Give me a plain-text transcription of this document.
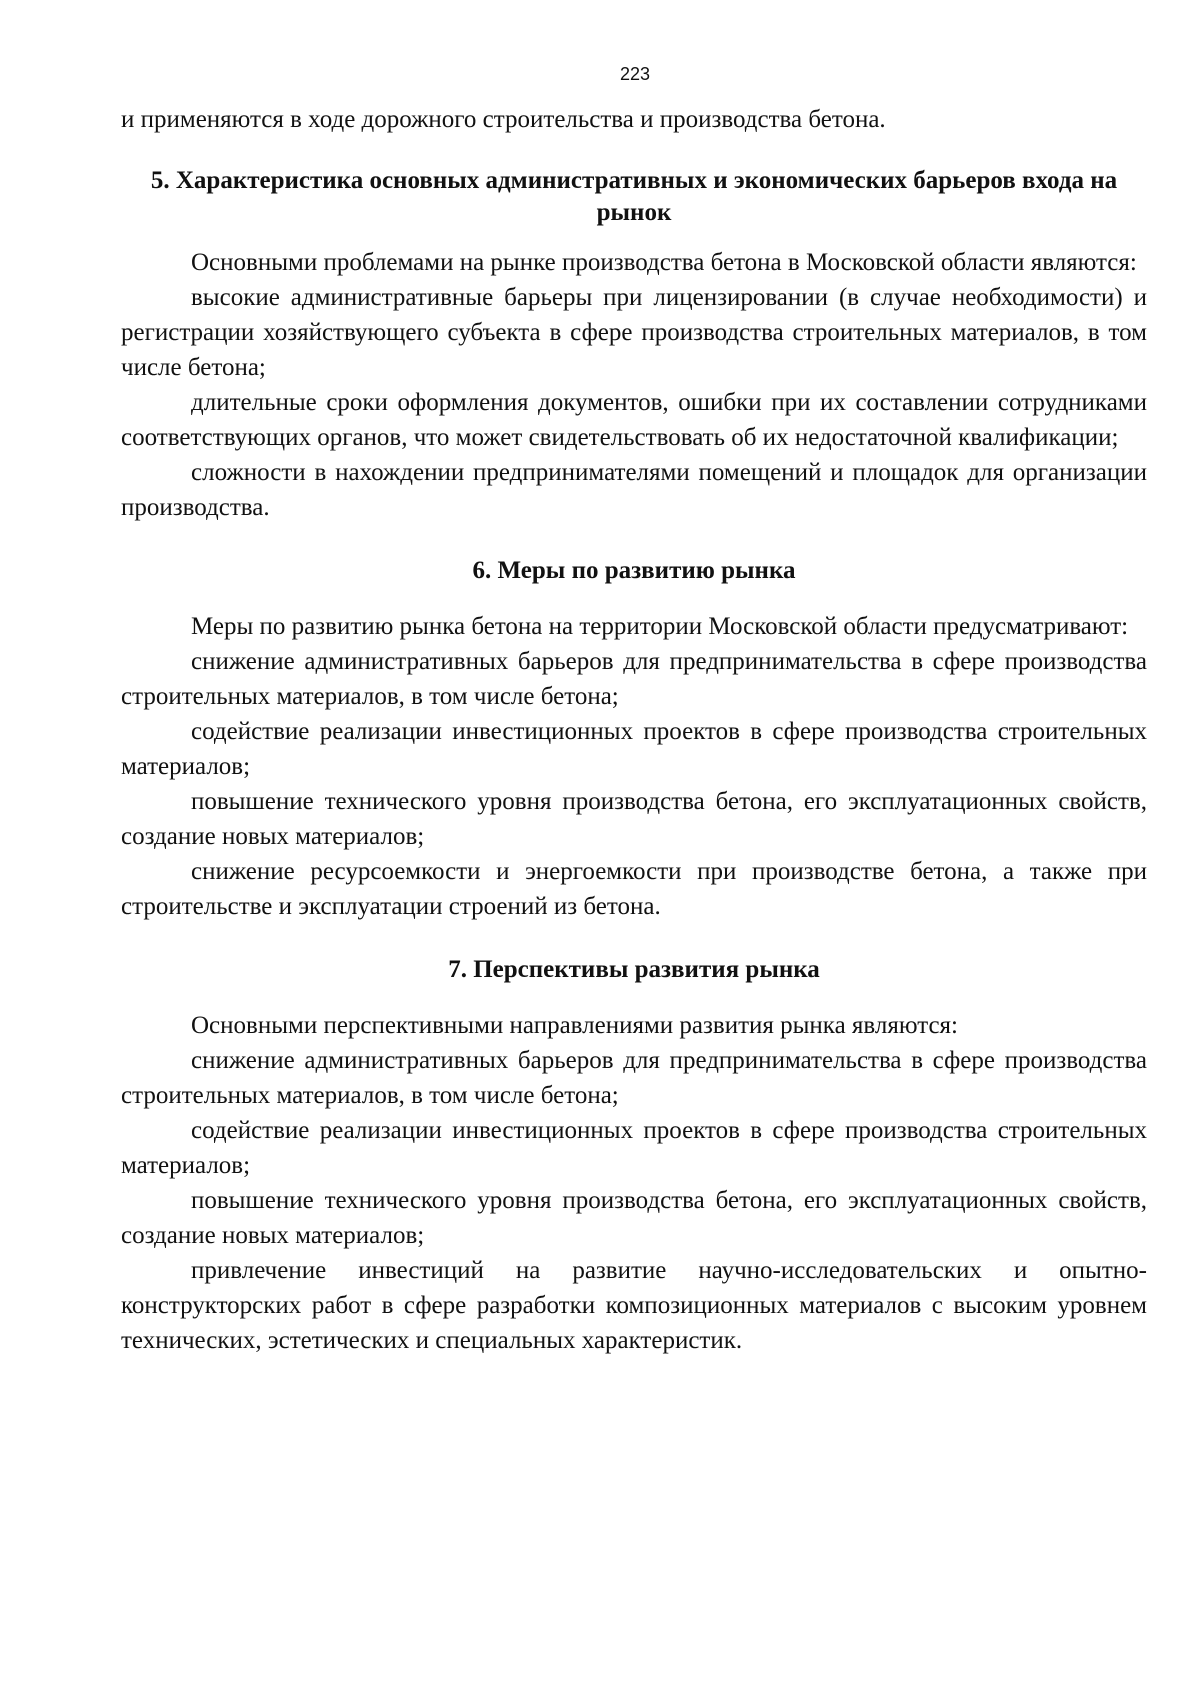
223

и применяются в ходе дорожного строительства и производства бетона.

5. Характеристика основных административных и экономических барьеров входа на рынок

Основными проблемами на рынке производства бетона в Московской области являются:

высокие административные барьеры при лицензировании (в случае необходимости) и регистрации хозяйствующего субъекта в сфере производства строительных материалов, в том числе бетона;

длительные сроки оформления документов, ошибки при их составлении сотрудниками соответствующих органов, что может свидетельствовать об их недостаточной квалификации;

сложности в нахождении предпринимателями помещений и площадок для организации производства.

6. Меры по развитию рынка

Меры по развитию рынка бетона на территории Московской области предусматривают:

снижение административных барьеров для предпринимательства в сфере производства строительных материалов, в том числе бетона;

содействие реализации инвестиционных проектов в сфере производства строительных материалов;

повышение технического уровня производства бетона, его эксплуатационных свойств, создание новых материалов;

снижение ресурсоемкости и энергоемкости при производстве бетона, а также при строительстве и эксплуатации строений из бетона.

7. Перспективы развития рынка

Основными перспективными направлениями развития рынка являются:

снижение административных барьеров для предпринимательства в сфере производства строительных материалов, в том числе бетона;

содействие реализации инвестиционных проектов в сфере производства строительных материалов;

повышение технического уровня производства бетона, его эксплуатационных свойств, создание новых материалов;

привлечение инвестиций на развитие научно-исследовательских и опытно-конструкторских работ в сфере разработки композиционных материалов с высоким уровнем технических, эстетических и специальных характеристик.
